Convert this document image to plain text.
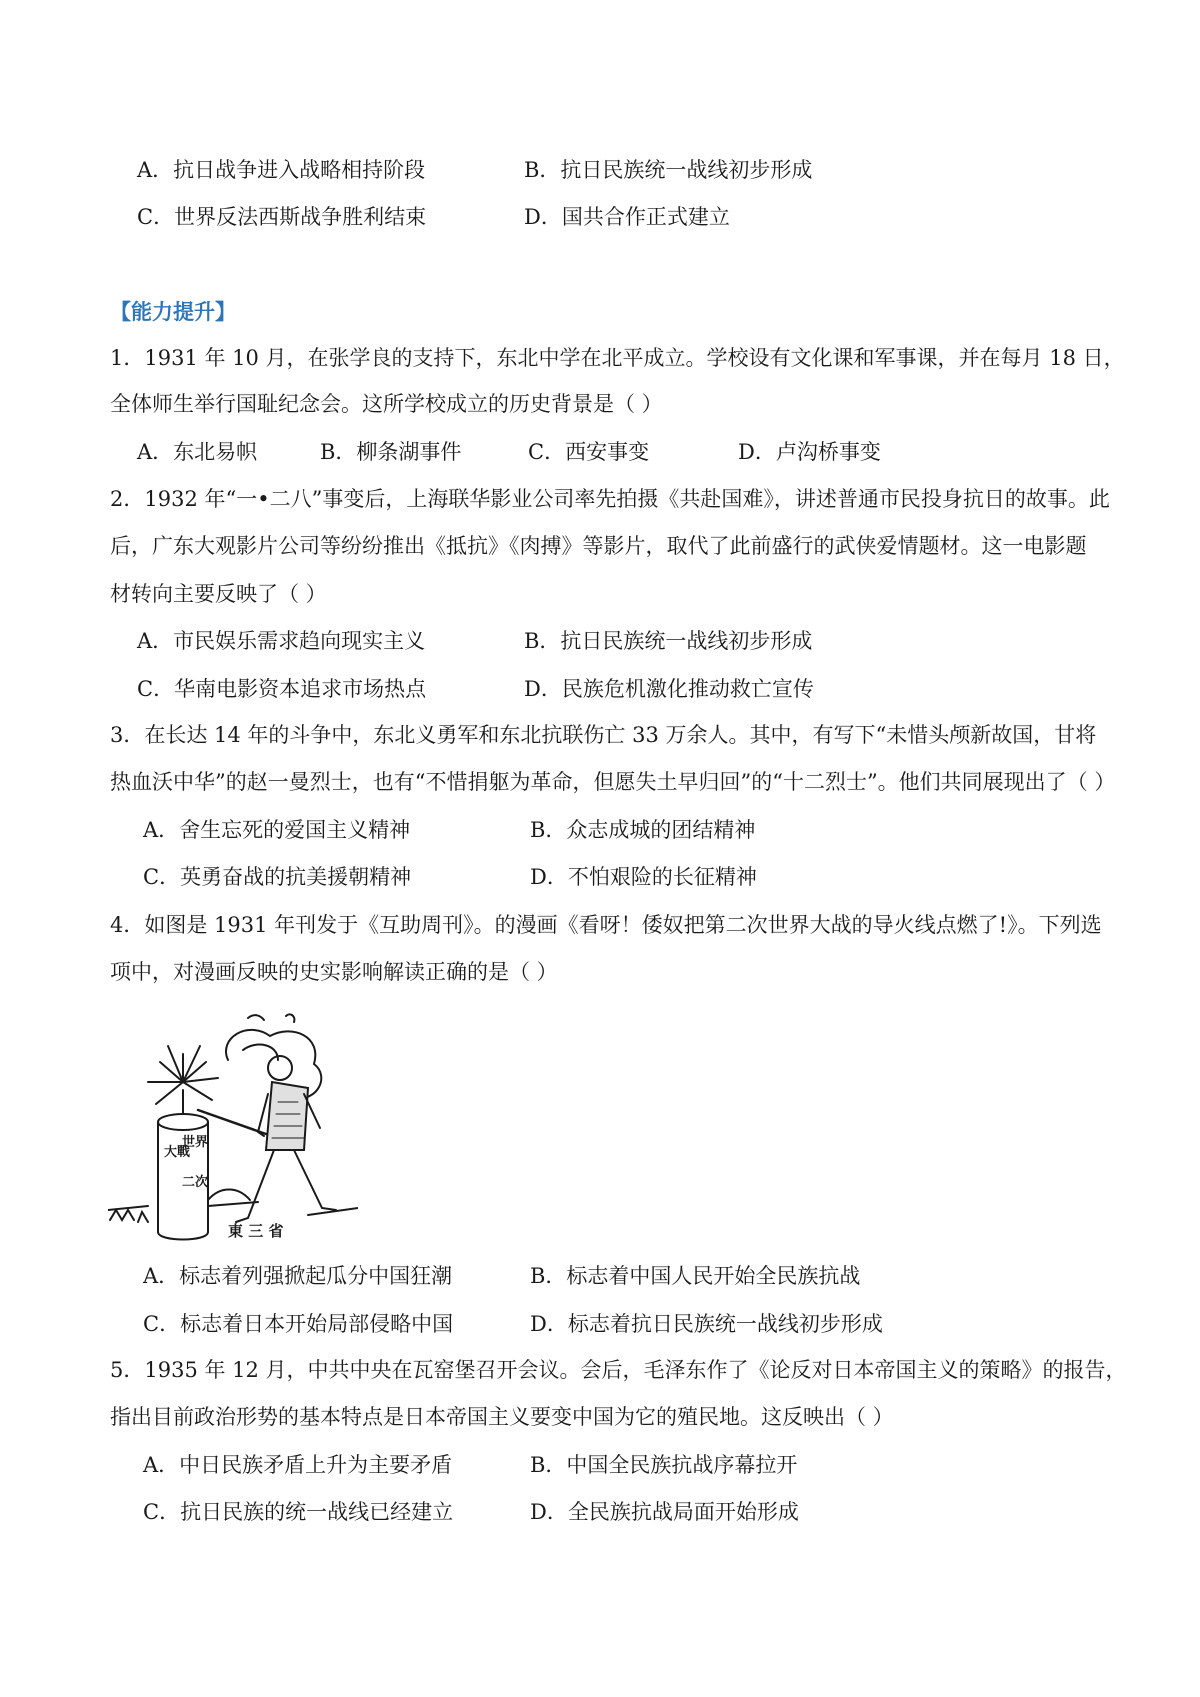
A．抗日战争进入战略相持阶段	B．抗日民族统一战线初步形成
C．世界反法西斯战争胜利结束	D．国共合作正式建立
【能力提升】
1．1931 年 10 月，在张学良的支持下，东北中学在北平成立。学校设有文化课和军事课，并在每月 18 日，
全体师生举行国耻纪念会。这所学校成立的历史背景是（ ）
A．东北易帜	B．柳条湖事件	C．西安事变	D．卢沟桥事变
2．1932 年“一•二八”事变后，上海联华影业公司率先拍摄《共赴国难》，讲述普通市民投身抗日的故事。此
后，广东大观影片公司等纷纷推出《抵抗》《肉搏》等影片，取代了此前盛行的武侠爱情题材。这一电影题
材转向主要反映了（ ）
A．市民娱乐需求趋向现实主义	B．抗日民族统一战线初步形成
C．华南电影资本追求市场热点	D．民族危机激化推动救亡宣传
3．在长达 14 年的斗争中，东北义勇军和东北抗联伤亡 33 万余人。其中，有写下“未惜头颅新故国，甘将
热血沃中华”的赵一曼烈士，也有“不惜捐躯为革命，但愿失土早归回”的“十二烈士”。他们共同展现出了（ ）
A．舍生忘死的爱国主义精神	B．众志成城的团结精神
C．英勇奋战的抗美援朝精神	D．不怕艰险的长征精神
4．如图是 1931 年刊发于《互助周刊》。的漫画《看呀！倭奴把第二次世界大战的导火线点燃了!》。下列选
项中，对漫画反映的史实影响解读正确的是（ ）
大戰
世界
二次
東 三 省
A．标志着列强掀起瓜分中国狂潮	B．标志着中国人民开始全民族抗战
C．标志着日本开始局部侵略中国	D．标志着抗日民族统一战线初步形成
5．1935 年 12 月，中共中央在瓦窑堡召开会议。会后，毛泽东作了《论反对日本帝国主义的策略》的报告，
指出目前政治形势的基本特点是日本帝国主义要变中国为它的殖民地。这反映出（ ）
A．中日民族矛盾上升为主要矛盾	B．中国全民族抗战序幕拉开
C．抗日民族的统一战线已经建立	D．全民族抗战局面开始形成
